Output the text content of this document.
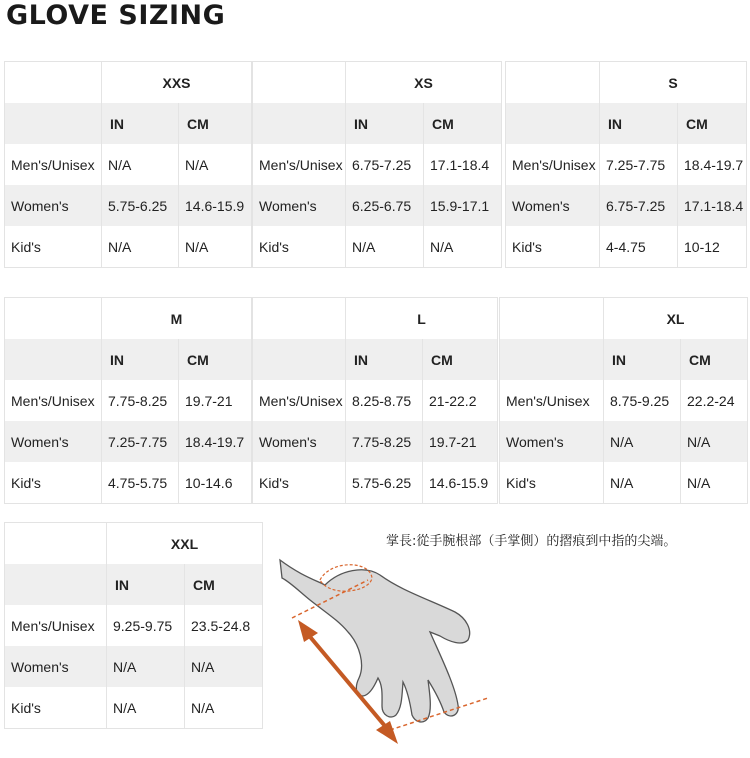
GLOVE SIZING
	XXS	
	IN	CM
Men's/Unisex	N/A	N/A
Women's	5.75-6.25	14.6-15.9
Kid's	N/A	N/A
	XS	
	IN	CM
Men's/Unisex	6.75-7.25	17.1-18.4
Women's	6.25-6.75	15.9-17.1
Kid's	N/A	N/A
	S	
	IN	CM
Men's/Unisex	7.25-7.75	18.4-19.7
Women's	6.75-7.25	17.1-18.4
Kid's	4-4.75	10-12
	M	
	IN	CM
Men's/Unisex	7.75-8.25	19.7-21
Women's	7.25-7.75	18.4-19.7
Kid's	4.75-5.75	10-14.6
	L	
	IN	CM
Men's/Unisex	8.25-8.75	21-22.2
Women's	7.75-8.25	19.7-21
Kid's	5.75-6.25	14.6-15.9
	XL	
	IN	CM
Men's/Unisex	8.75-9.25	22.2-24
Women's	N/A	N/A
Kid's	N/A	N/A
	XXL	
	IN	CM
Men's/Unisex	9.25-9.75	23.5-24.8
Women's	N/A	N/A
Kid's	N/A	N/A
掌長:從手腕根部（手掌側）的摺痕到中指的尖端。
